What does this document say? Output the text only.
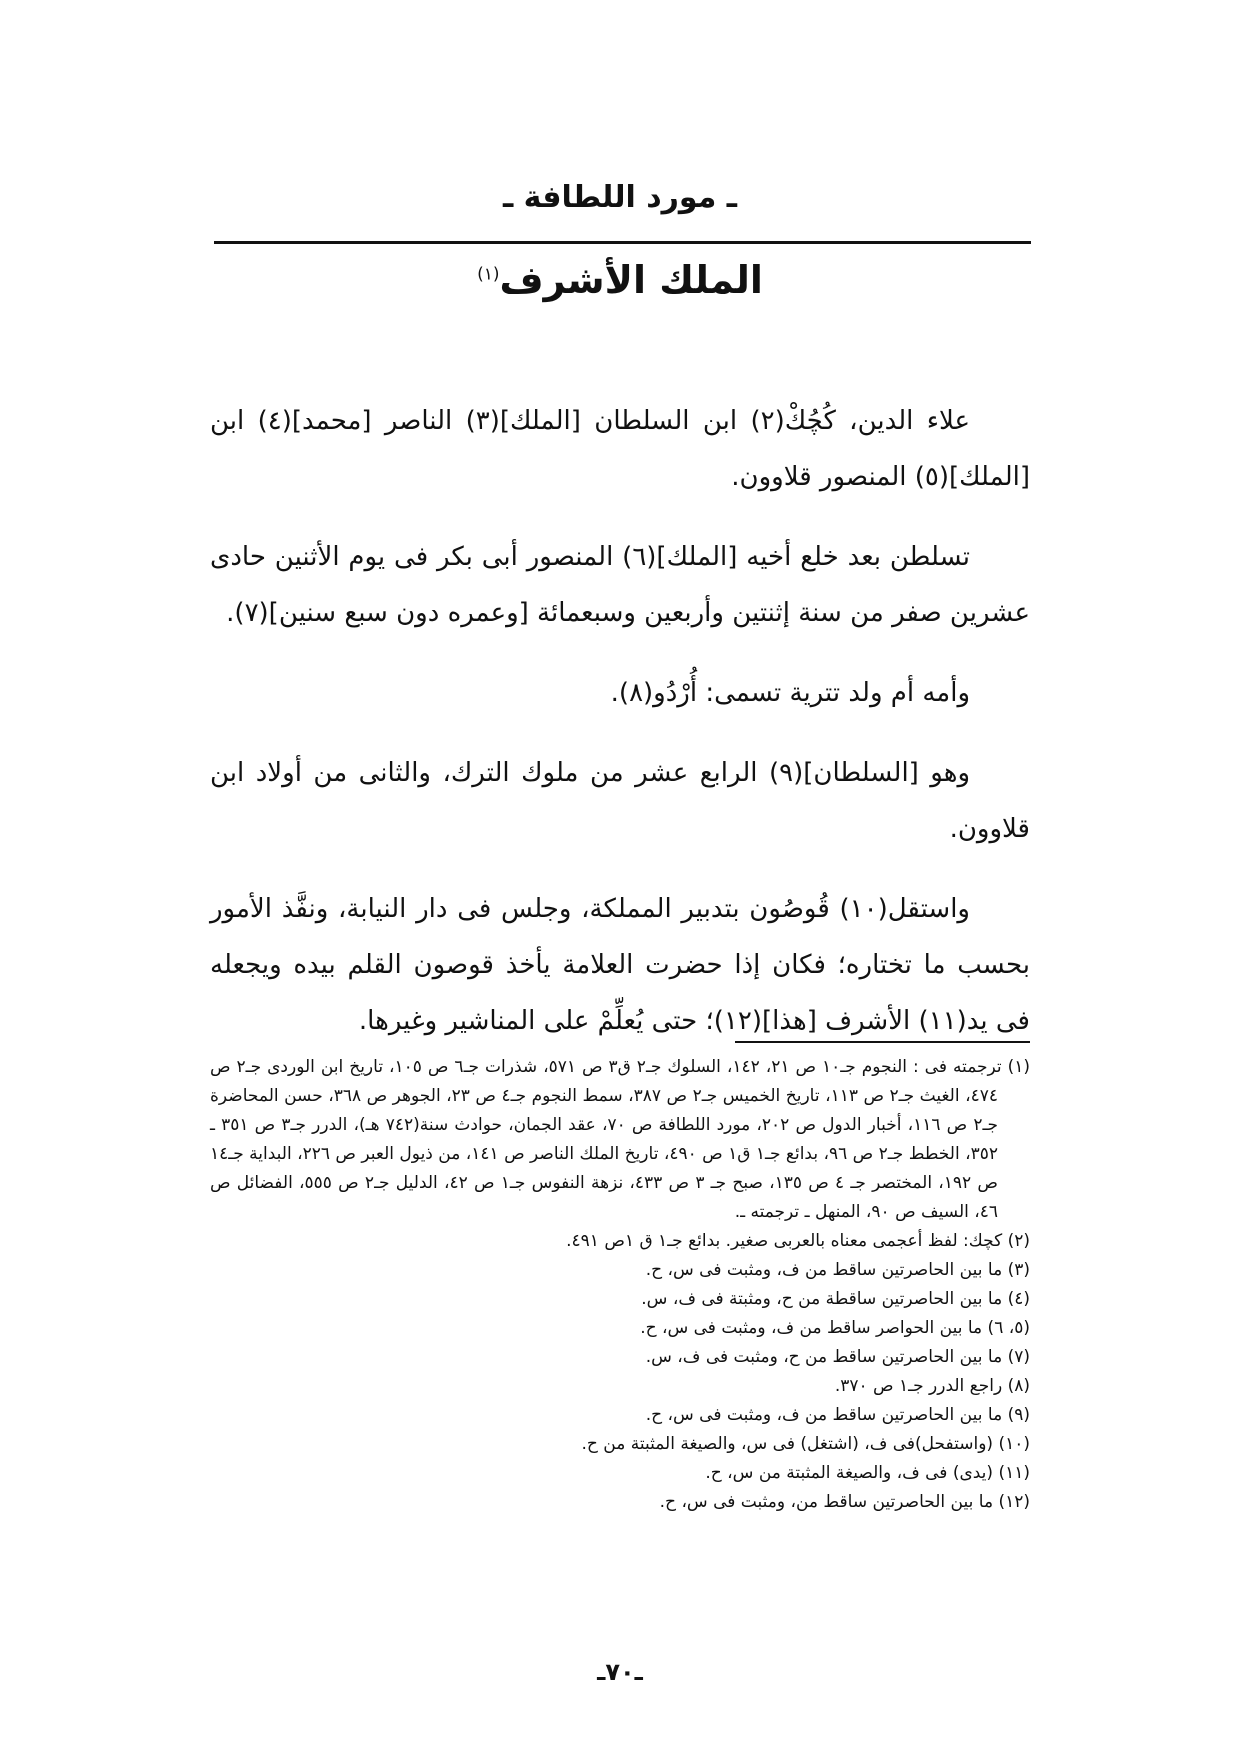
ـ مورد اللطافة ـ
الملك الأشرف$^{(١)}$

علاء الدين، كُچُكْ(٢) ابن السلطان [الملك](٣) الناصر [محمد](٤) ابن [الملك](٥) المنصور قلاوون.

تسلطن بعد خلع أخيه [الملك](٦) المنصور أبى بكر فى يوم الأثنين حادى عشرين صفر من سنة إثنتين وأربعين وسبعمائة [وعمره دون سبع سنين](٧).

وأمه أم ولد تترية تسمى: أُرْدُو(٨).

وهو [السلطان](٩) الرابع عشر من ملوك الترك، والثانى من أولاد ابن قلاوون.

واستقل(١٠) قُوصُون بتدبير المملكة، وجلس فى دار النيابة، ونفَّذ الأمور بحسب ما تختاره؛ فكان إذا حضرت العلامة يأخذ قوصون القلم بيده ويجعله فى يد(١١) الأشرف [هذا](١٢)؛ حتى يُعلِّمْ على المناشير وغيرها.

(١) ترجمته فى : النجوم جـ١٠ ص ٢١، ١٤٢، السلوك جـ٢ ق٣ ص ٥٧١، شذرات جـ٦ ص ١٠٥، تاريخ ابن الوردى جـ٢ ص ٤٧٤، الغيث جـ٢ ص ١١٣، تاريخ الخميس جـ٢ ص ٣٨٧، سمط النجوم جـ٤ ص ٢٣، الجوهر ص ٣٦٨، حسن المحاضرة جـ٢ ص ١١٦، أخبار الدول ص ٢٠٢، مورد اللطافة ص ٧٠، عقد الجمان، حوادث سنة(٧٤٢ هـ)، الدرر جـ٣ ص ٣٥١ ـ ٣٥٢، الخطط جـ٢ ص ٩٦، بدائع جـ١ ق١ ص ٤٩٠، تاريخ الملك الناصر ص ١٤١، من ذيول العبر ص ٢٢٦، البداية جـ١٤ ص ١٩٢، المختصر جـ ٤ ص ١٣٥، صبح جـ ٣ ص ٤٣٣، نزهة النفوس جـ١ ص ٤٢، الدليل جـ٢ ص ٥٥٥، الفضائل ص ٤٦، السيف ص ٩٠، المنهل ـ ترجمته ـ.

(٢) كچك: لفظ أعجمى معناه بالعربى صغير. بدائع جـ١ ق ١ص ٤٩١.

(٣) ما بين الحاصرتين ساقط من ف، ومثبت فى س، ح.

(٤) ما بين الحاصرتين ساقطة من ح، ومثبتة فى ف، س.

(٥، ٦) ما بين الحواصر ساقط من ف، ومثبت فى س، ح.

(٧) ما بين الحاصرتين ساقط من ح، ومثبت فى ف، س.

(٨) راجع الدرر جـ١ ص ٣٧٠.

(٩) ما بين الحاصرتين ساقط من ف، ومثبت فى س، ح.

(١٠) (واستفحل)فى ف، (اشتغل) فى س، والصيغة المثبتة من ح.

(١١) (يدى) فى ف، والصيغة المثبتة من س، ح.

(١٢) ما بين الحاصرتين ساقط من، ومثبت فى س، ح.

ـ٧٠ـ
